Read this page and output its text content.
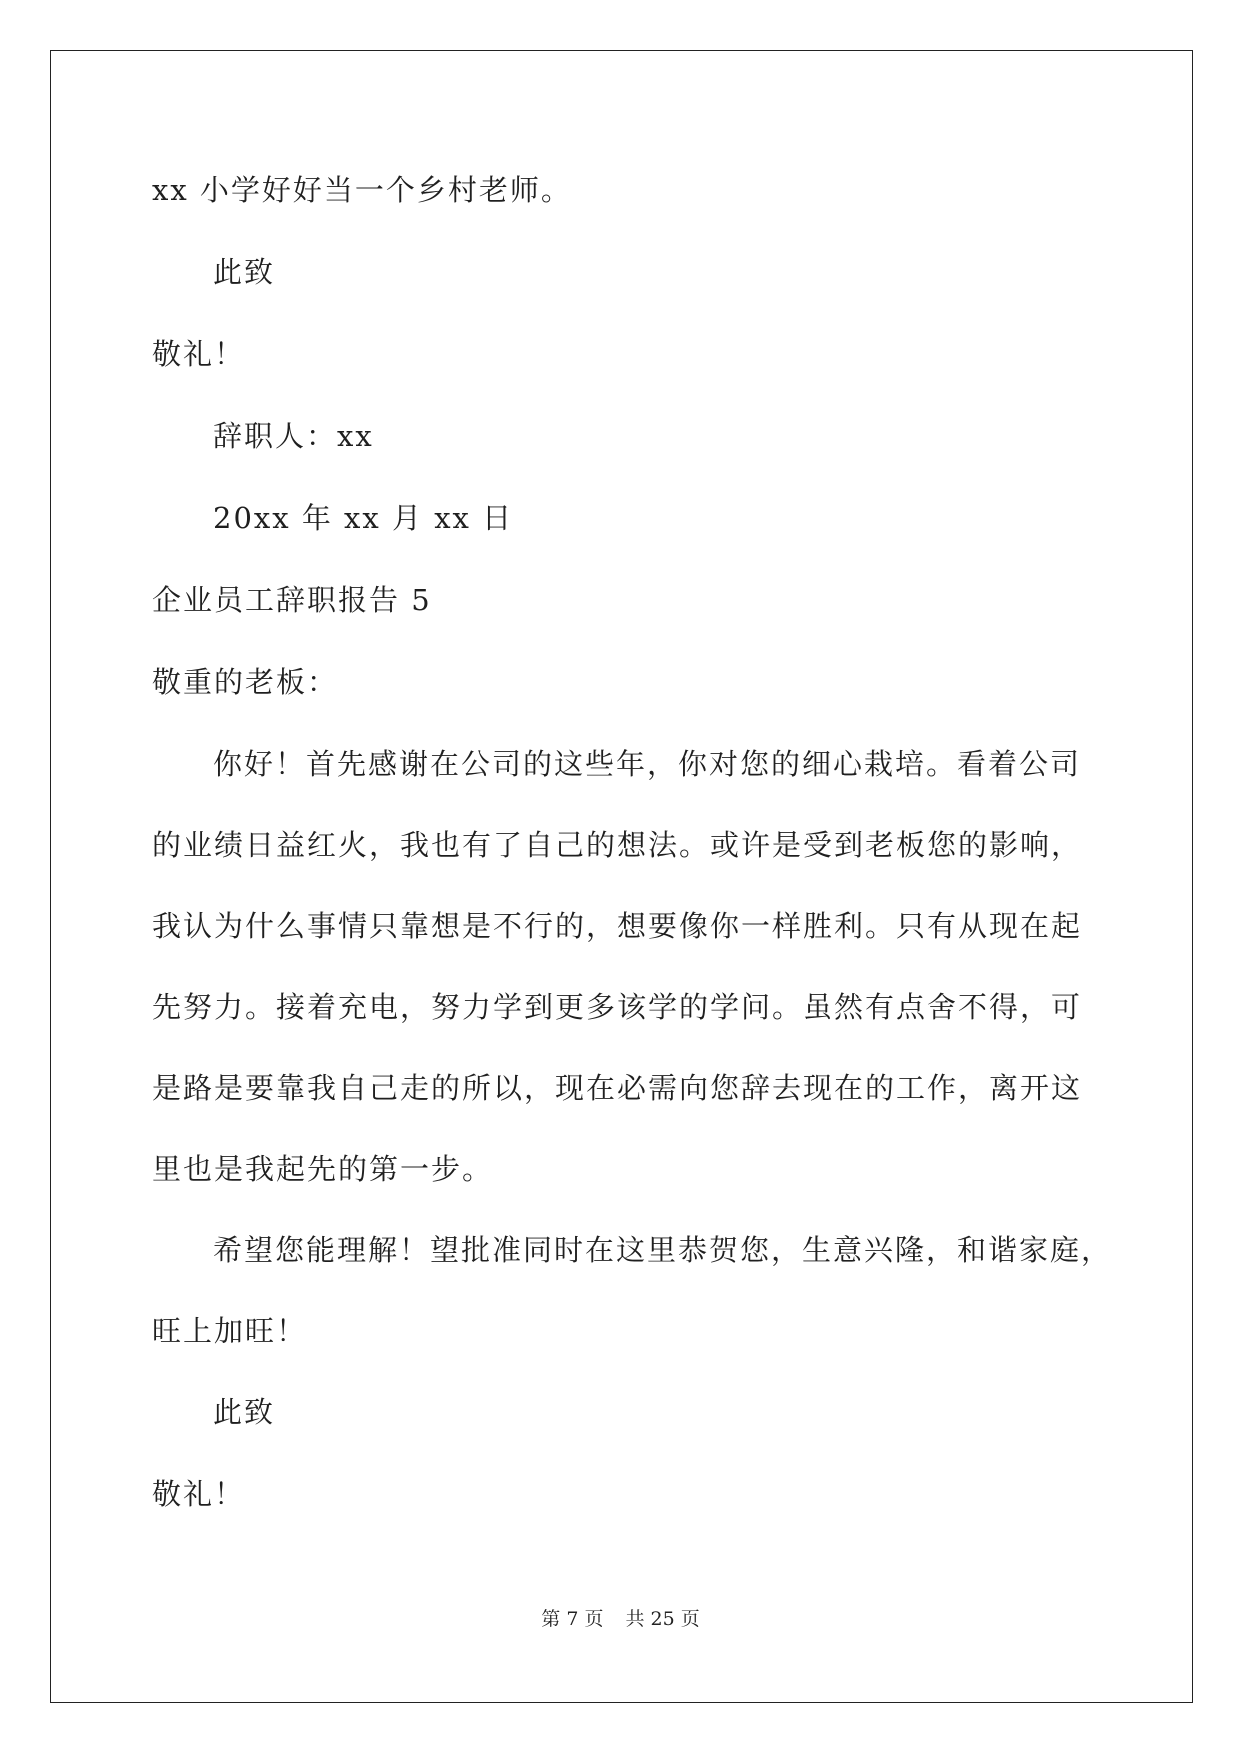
xx 小学好好当一个乡村老师。
此致
敬礼！
辞职人：xx
20xx 年 xx 月 xx 日
企业员工辞职报告 5
敬重的老板：
你好！首先感谢在公司的这些年，你对您的细心栽培。看着公司
的业绩日益红火，我也有了自己的想法。或许是受到老板您的影响，
我认为什么事情只靠想是不行的，想要像你一样胜利。只有从现在起
先努力。接着充电，努力学到更多该学的学问。虽然有点舍不得，可
是路是要靠我自己走的所以，现在必需向您辞去现在的工作，离开这
里也是我起先的第一步。
希望您能理解！望批准同时在这里恭贺您，生意兴隆，和谐家庭，
旺上加旺！
此致
敬礼！
第 7 页 共 25 页
